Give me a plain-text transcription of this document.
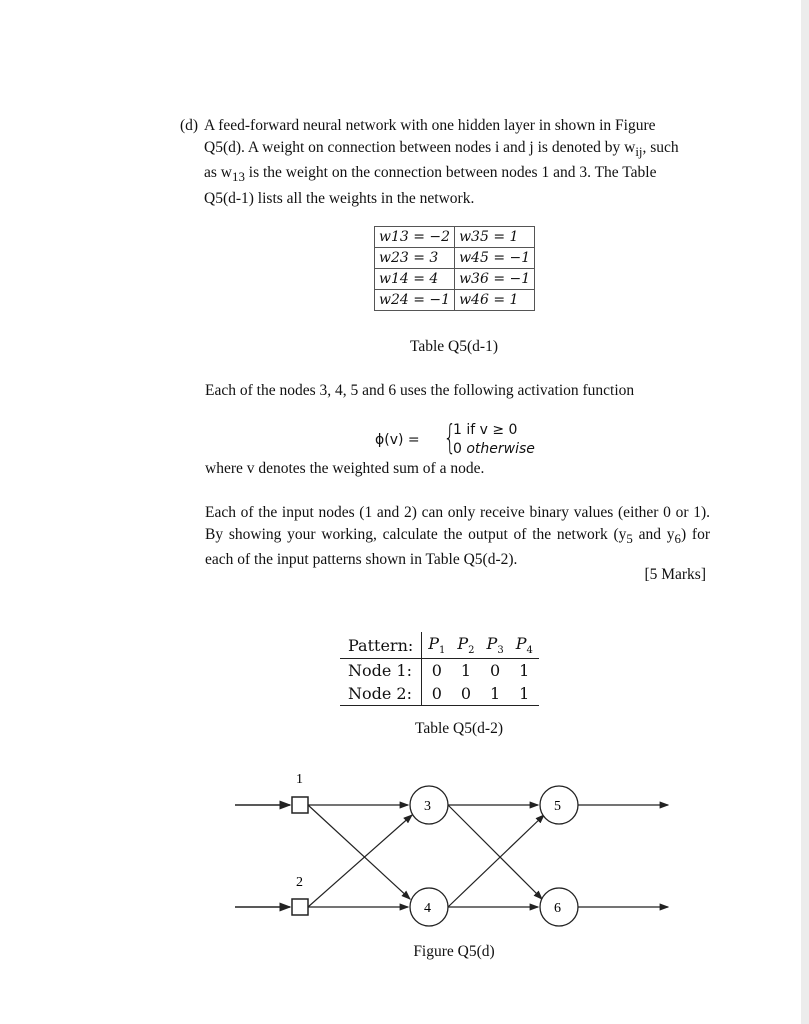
(d) A feed-forward neural network with one hidden layer in shown in Figure
Q5(d). A weight on connection between nodes i and j is denoted by $w_{ij}$, such
as $w_{13}$ is the weight on the connection between nodes 1 and 3. The Table
Q5(d-1) lists all the weights in the network.
w13 = −2	w35 = 1
w23 = 3	w45 = −1
w14 = 4	w36 = −1
w24 = −1	w46 = 1
Table Q5(d-1)
Each of the nodes 3, 4, 5 and 6 uses the following activation function
ϕ(v) = {
1 if v ≥ 0
0 otherwise
where v denotes the weighted sum of a node.
Each of the input nodes (1 and 2) can only receive binary values (either 0 or 1). By showing your working, calculate the output of the network ($y_5$ and $y_6$) for each of the input patterns shown in Table Q5(d-2).
[5 Marks]
Pattern:	$P_1$	$P_2$	$P_3$	$P_4$
Node 1:	0	1	0	1
Node 2:	0	0	1	1
Table Q5(d-2)
1
2
3
4
5
6
Figure Q5(d)
